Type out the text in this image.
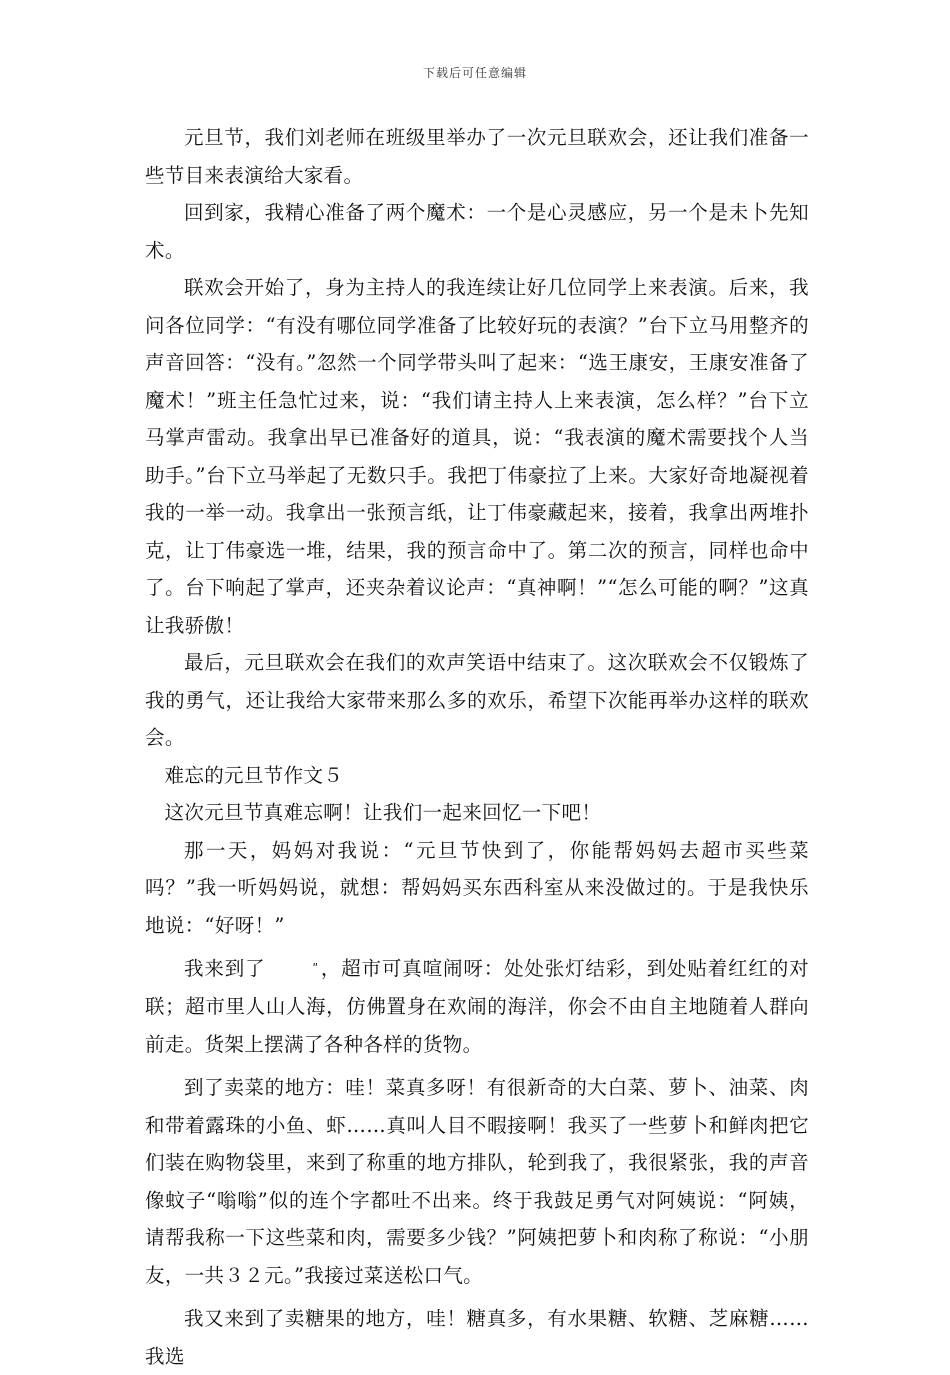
下载后可任意编辑

元旦节，我们刘老师在班级里举办了一次元旦联欢会，还让我们准备一些节目来表演给大家看。

回到家，我精心准备了两个魔术：一个是心灵感应，另一个是未卜先知术。

联欢会开始了，身为主持人的我连续让好几位同学上来表演。后来，我问各位同学：“有没有哪位同学准备了比较好玩的表演？”台下立马用整齐的声音回答：“没有。”忽然一个同学带头叫了起来：“选王康安，王康安准备了魔术！”班主任急忙过来，说：“我们请主持人上来表演，怎么样？”台下立马掌声雷动。我拿出早已准备好的道具，说：“我表演的魔术需要找个人当助手。”台下立马举起了无数只手。我把丁伟豪拉了上来。大家好奇地凝视着我的一举一动。我拿出一张预言纸，让丁伟豪藏起来，接着，我拿出两堆扑克，让丁伟豪选一堆，结果，我的预言命中了。第二次的预言，同样也命中了。台下响起了掌声，还夹杂着议论声：“真神啊！”“怎么可能的啊？”这真让我骄傲！

最后，元旦联欢会在我们的欢声笑语中结束了。这次联欢会不仅锻炼了我的勇气，还让我给大家带来那么多的欢乐，希望下次能再举办这样的联欢会。

难忘的元旦节作文５

这次元旦节真难忘啊！让我们一起来回忆一下吧！

那一天，妈妈对我说：“元旦节快到了，你能帮妈妈去超市买些菜吗？”我一听妈妈说，就想：帮妈妈买东西科室从来没做过的。于是我快乐地说：“好呀！”

我来到了	ʺ ，超市可真喧闹呀：处处张灯结彩，到处贴着红红的对联；超市里人山人海，仿佛置身在欢闹的海洋，你会不由自主地随着人群向前走。货架上摆满了各种各样的货物。

到了卖菜的地方：哇！菜真多呀！有很新奇的大白菜、萝卜、油菜、肉和带着露珠的小鱼、虾……真叫人目不暇接啊！我买了一些萝卜和鲜肉把它们装在购物袋里，来到了称重的地方排队，轮到我了，我很紧张，我的声音像蚊子“嗡嗡”似的连个字都吐不出来。终于我鼓足勇气对阿姨说：“阿姨，请帮我称一下这些菜和肉，需要多少钱？”阿姨把萝卜和肉称了称说：“小朋友，一共３２元。”我接过菜送松口气。

我又来到了卖糖果的地方，哇！糖真多，有水果糖、软糖、芝麻糖……我选
